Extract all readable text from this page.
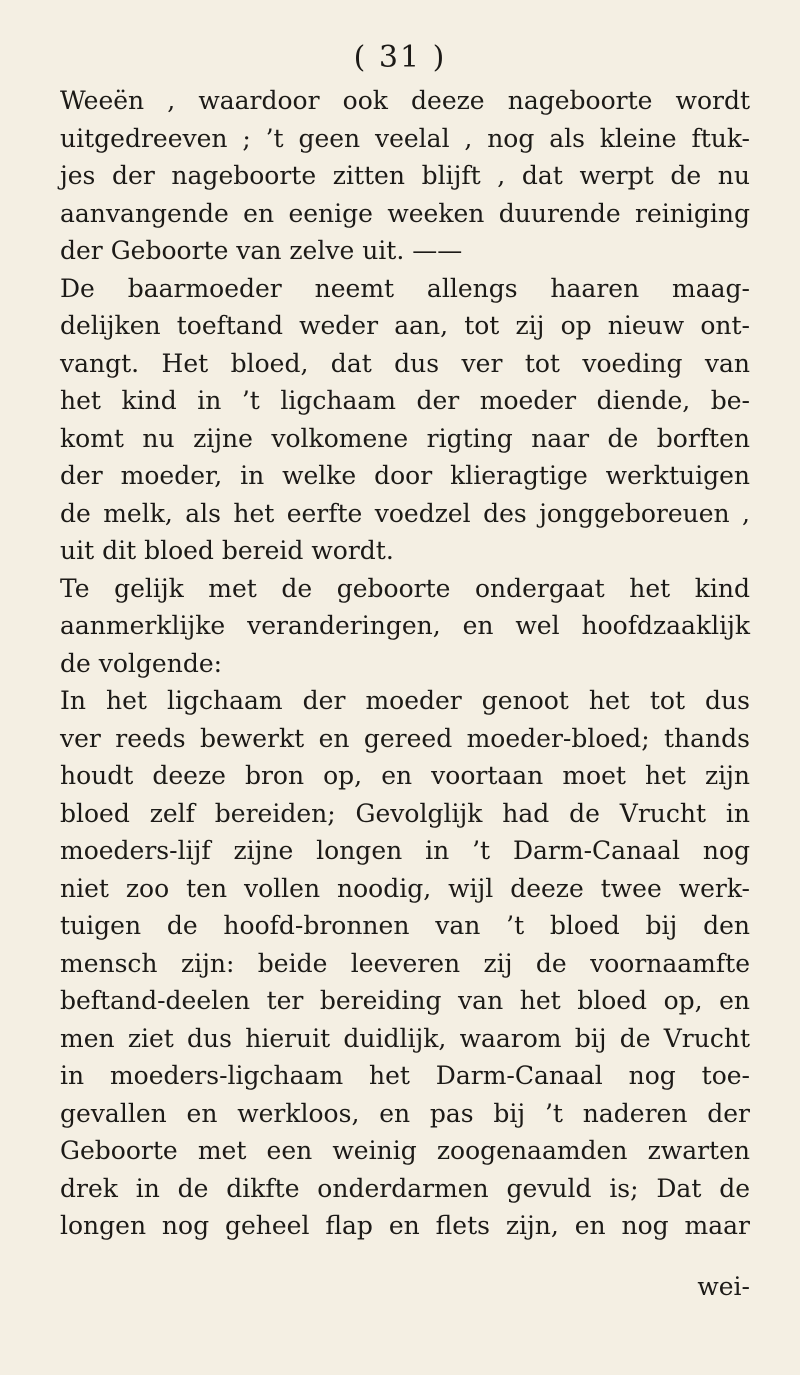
( 31 )
Weeën , waardoor ook deeze nageboorte wordt
uitgedreeven ; ’t geen veelal , nog als kleine ftuk-
jes der nageboorte zitten blijft , dat werpt de nu
aanvangende en eenige weeken duurende reiniging
der Geboorte van zelve uit. ——
De baarmoeder neemt allengs haaren maag-
delijken toeftand weder aan, tot zij op nieuw ont-
vangt. Het bloed, dat dus ver tot voeding van
het kind in ’t ligchaam der moeder diende, be-
komt nu zijne volkomene rigting naar de borften
der moeder, in welke door klieragtige werktuigen
de melk, als het eerfte voedzel des jonggeboreuen ,
uit dit bloed bereid wordt.
Te gelijk met de geboorte ondergaat het kind
aanmerklijke veranderingen, en wel hoofdzaaklijk
de volgende:
In het ligchaam der moeder genoot het tot dus
ver reeds bewerkt en gereed moeder-bloed; thands
houdt deeze bron op, en voortaan moet het zijn
bloed zelf bereiden; Gevolglijk had de Vrucht in
moeders-lijf zijne longen in ’t Darm-Canaal nog
niet zoo ten vollen noodig, wijl deeze twee werk-
tuigen de hoofd-bronnen van ’t bloed bij den
mensch zijn: beide leeveren zij de voornaamfte
beftand-deelen ter bereiding van het bloed op, en
men ziet dus hieruit duidlijk, waarom bij de Vrucht
in moeders-ligchaam het Darm-Canaal nog toe-
gevallen en werkloos, en pas bij ’t naderen der
Geboorte met een weinig zoogenaamden zwarten
drek in de dikfte onderdarmen gevuld is; Dat de
longen nog geheel flap en flets zijn, en nog maar
wei-
